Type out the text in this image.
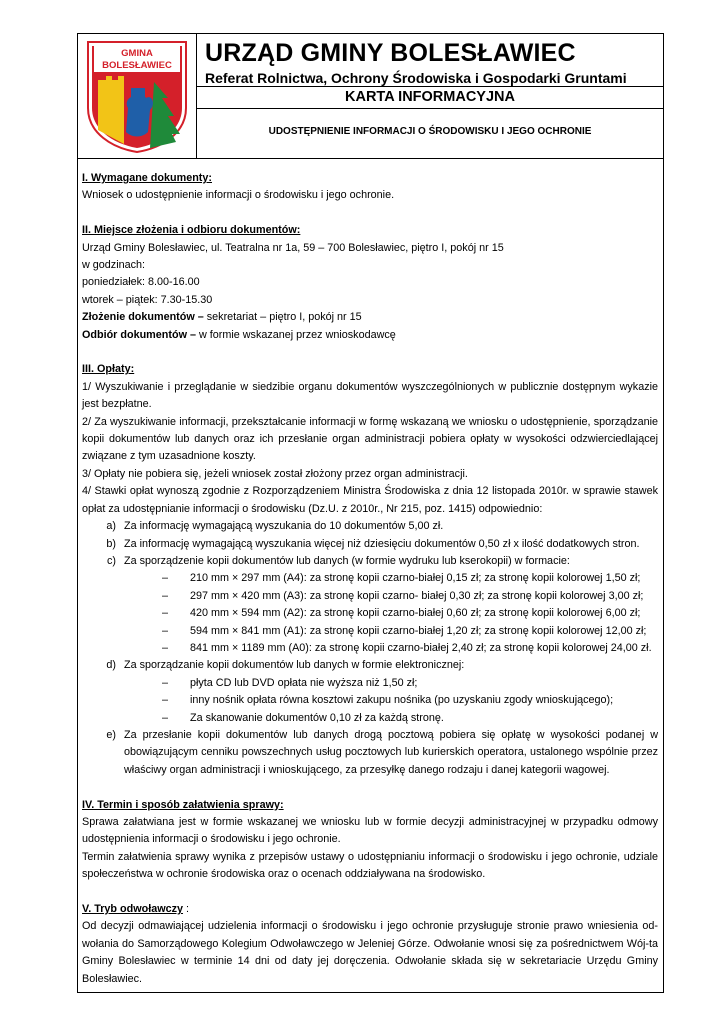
GMINA
BOLESŁAWIEC URZĄD GMINY BOLESŁAWIEC
Referat Rolnictwa, Ochrony Środowiska i Gospodarki Gruntami
KARTA INFORMACYJNA
UDOSTĘPNIENIE INFORMACJI O ŚRODOWISKU I JEGO OCHRONIE

I. Wymagane dokumenty:

Wniosek o udostępnienie informacji o środowisku i jego ochronie.

II. Miejsce złożenia i odbioru dokumentów:

Urząd Gminy Bolesławiec, ul. Teatralna nr 1a, 59 – 700 Bolesławiec, piętro I, pokój nr 15

w godzinach:

poniedziałek: 8.00-16.00

wtorek – piątek: 7.30-15.30

Złożenie dokumentów – sekretariat – piętro I, pokój nr 15

Odbiór dokumentów – w formie wskazanej przez wnioskodawcę

III. Opłaty:

1/ Wyszukiwanie i przeglądanie w siedzibie organu dokumentów wyszczególnionych w publicznie dostępnym wykazie jest bezpłatne.

2/ Za wyszukiwanie informacji, przekształcanie informacji w formę wskazaną we wniosku o udostępnienie, sporządzanie kopii dokumentów lub danych oraz ich przesłanie organ administracji pobiera opłaty w wysokości odzwierciedlającej związane z tym uzasadnione koszty.

3/ Opłaty nie pobiera się, jeżeli wniosek został złożony przez organ administracji.

4/ Stawki opłat wynoszą zgodnie z Rozporządzeniem Ministra Środowiska z dnia 12 listopada 2010r. w sprawie stawek opłat za udostępnianie informacji o środowisku (Dz.U. z 2010r., Nr 215, poz. 1415) odpowiednio:

a) Za informację wymagającą wyszukania do 10 dokumentów 5,00 zł.
b) Za informację wymagającą wyszukania więcej niż dziesięciu dokumentów 0,50 zł x ilość dodatkowych stron.
c) Za sporządzenie kopii dokumentów lub danych (w formie wydruku lub kserokopii) w formacie:
–	210 mm × 297 mm (A4): za stronę kopii czarno-białej 0,15 zł; za stronę kopii kolorowej 1,50 zł;
–	297 mm × 420 mm (A3): za stronę kopii czarno- białej 0,30 zł; za stronę kopii kolorowej 3,00 zł;
–	420 mm × 594 mm (A2): za stronę kopii czarno-białej 0,60 zł; za stronę kopii kolorowej 6,00 zł;
–	594 mm × 841 mm (A1): za stronę kopii czarno-białej 1,20 zł; za stronę kopii kolorowej 12,00 zł;
–	841 mm × 1189 mm (A0): za stronę kopii czarno-białej 2,40 zł; za stronę kopii kolorowej 24,00 zł.
d) Za sporządzanie kopii dokumentów lub danych w formie elektronicznej:
–	płyta CD lub DVD opłata nie wyższa niż 1,50 zł;
–	inny nośnik opłata równa kosztowi zakupu nośnika (po uzyskaniu zgody wnioskującego);
–	Za skanowanie dokumentów 0,10 zł za każdą stronę.
e) Za przesłanie kopii dokumentów lub danych drogą pocztową pobiera się opłatę w wysokości podanej w obowiązującym cenniku powszechnych usług pocztowych lub kurierskich operatora, ustalonego wspólnie przez właściwy organ administracji i wnioskującego, za przesyłkę danego rodzaju i danej kategorii wagowej.

IV. Termin i sposób załatwienia sprawy:

Sprawa załatwiana jest w formie wskazanej we wniosku lub w formie decyzji administracyjnej w przypadku odmowy udostępnienia informacji o środowisku i jego ochronie.

Termin załatwienia sprawy wynika z przepisów ustawy o udostępnianiu informacji o środowisku i jego ochronie, udziale społeczeństwa w ochronie środowiska oraz o ocenach oddziaływana na środowisko.

V. Tryb odwoławczy :

Od decyzji odmawiającej udzielenia informacji o środowisku i jego ochronie przysługuje stronie prawo wniesienia od-wołania do Samorządowego Kolegium Odwoławczego w Jeleniej Górze. Odwołanie wnosi się za pośrednictwem Wój-ta Gminy Bolesławiec w terminie 14 dni od daty jej doręczenia. Odwołanie składa się w sekretariacie Urzędu Gminy Bolesławiec.
